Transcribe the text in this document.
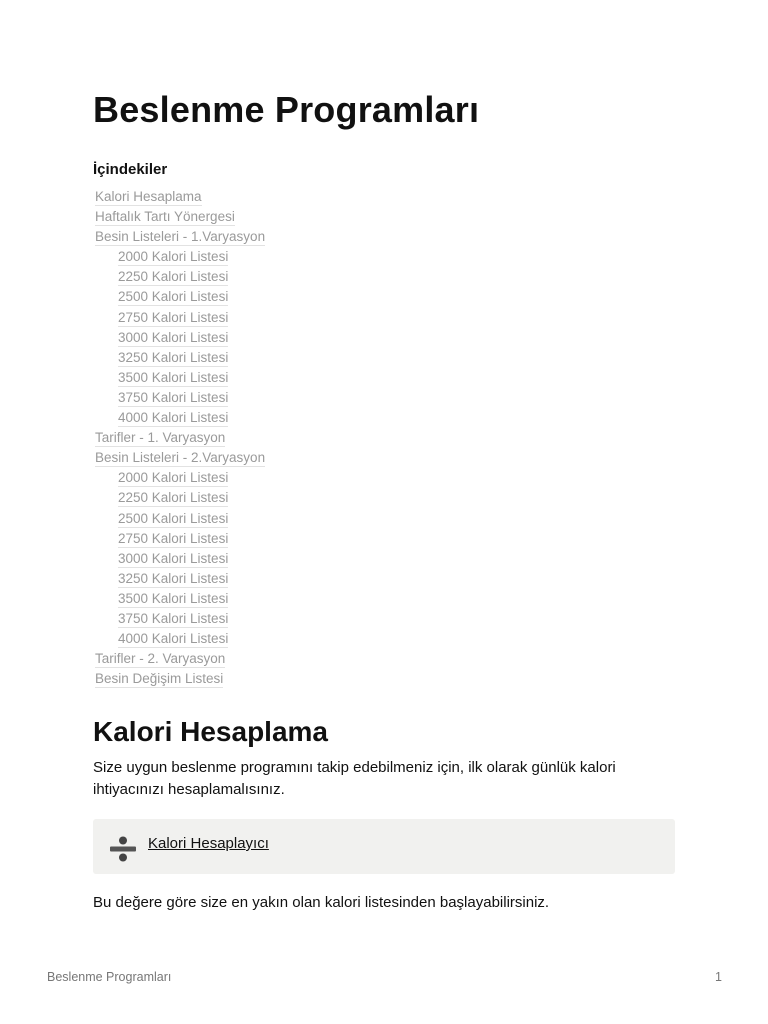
Beslenme Programları
İçindekiler
Kalori Hesaplama
Haftalık Tartı Yönergesi
Besin Listeleri - 1.Varyasyon
2000 Kalori Listesi
2250 Kalori Listesi
2500 Kalori Listesi
2750 Kalori Listesi
3000 Kalori Listesi
3250 Kalori Listesi
3500 Kalori Listesi
3750 Kalori Listesi
4000 Kalori Listesi
Tarifler - 1. Varyasyon
Besin Listeleri - 2.Varyasyon
2000 Kalori Listesi
2250 Kalori Listesi
2500 Kalori Listesi
2750 Kalori Listesi
3000 Kalori Listesi
3250 Kalori Listesi
3500 Kalori Listesi
3750 Kalori Listesi
4000 Kalori Listesi
Tarifler - 2. Varyasyon
Besin Değişim Listesi
Kalori Hesaplama

Size uygun beslenme programını takip edebilmeniz için, ilk olarak günlük kalori ihtiyacınızı hesaplamalısınız.

Kalori Hesaplayıcı

Bu değere göre size en yakın olan kalori listesinden başlayabilirsiniz.

Beslenme Programları	1
